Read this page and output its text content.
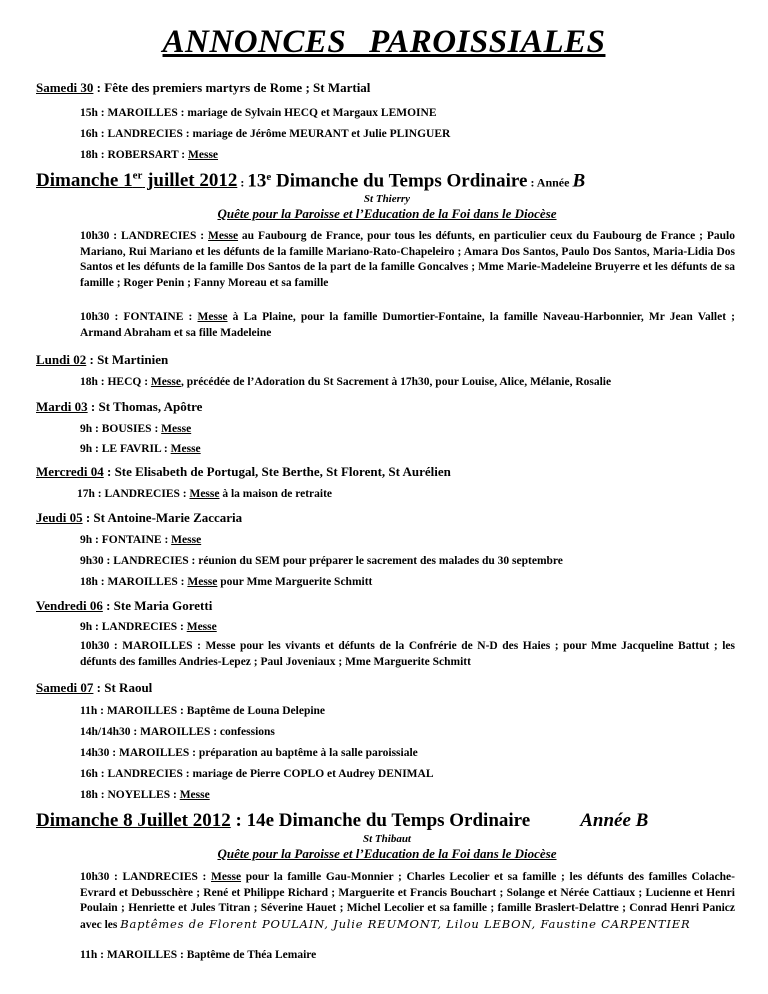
ANNONCES PAROISSIALES
Samedi 30 : Fête des premiers martyrs de Rome ; St Martial
15h : MAROILLES : mariage de Sylvain HECQ et Margaux LEMOINE
16h : LANDRECIES : mariage de Jérôme MEURANT et Julie PLINGUER
18h : ROBERSART : Messe
Dimanche 1er juillet 2012 : 13e Dimanche du Temps Ordinaire : Année B
St Thierry
Quête pour la Paroisse et l’Education de la Foi dans le Diocèse
10h30 : LANDRECIES : Messe au Faubourg de France, pour tous les défunts, en particulier ceux du Faubourg de France ; Paulo Mariano, Rui Mariano et les défunts de la famille Mariano-Rato-Chapeleiro ; Amara Dos Santos, Paulo Dos Santos, Maria-Lidia Dos Santos et les défunts de la famille Dos Santos de la part de la famille Goncalves ; Mme Marie-Madeleine Bruyerre et les défunts de sa famille ; Roger Penin ; Fanny Moreau et sa famille
10h30 : FONTAINE : Messe à La Plaine, pour la famille Dumortier-Fontaine, la famille Naveau-Harbonnier, Mr Jean Vallet ; Armand Abraham et sa fille Madeleine
Lundi 02 : St Martinien
18h : HECQ : Messe, précédée de l’Adoration du St Sacrement à 17h30, pour Louise, Alice, Mélanie, Rosalie
Mardi 03 : St Thomas, Apôtre
9h : BOUSIES : Messe
9h : LE FAVRIL : Messe
Mercredi 04 : Ste Elisabeth de Portugal, Ste Berthe, St Florent, St Aurélien
17h : LANDRECIES : Messe à la maison de retraite
Jeudi 05 : St Antoine-Marie Zaccaria
9h : FONTAINE : Messe
9h30 : LANDRECIES : réunion du SEM pour préparer le sacrement des malades du 30 septembre
18h : MAROILLES : Messe pour Mme Marguerite Schmitt
Vendredi 06 : Ste Maria Goretti
9h : LANDRECIES : Messe
10h30 : MAROILLES : Messe pour les vivants et défunts de la Confrérie de N-D des Haies ; pour Mme Jacqueline Battut ; les défunts des familles Andries-Lepez ; Paul Joveniaux ; Mme Marguerite Schmitt
Samedi 07 : St Raoul
11h : MAROILLES : Baptême de Louna Delepine
14h/14h30 : MAROILLES : confessions
14h30 : MAROILLES : préparation au baptême à la salle paroissiale
16h : LANDRECIES : mariage de Pierre COPLO et Audrey DENIMAL
18h : NOYELLES : Messe
Dimanche 8 Juillet 2012 : 14e Dimanche du Temps Ordinaire	Année B
St Thibaut
Quête pour la Paroisse et l’Education de la Foi dans le Diocèse
10h30 : LANDRECIES : Messe pour la famille Gau-Monnier ; Charles Lecolier et sa famille ; les défunts des familles Colache-Evrard et Debusschère ; René et Philippe Richard ; Marguerite et Francis Bouchart ; Solange et Nérée Cattiaux ; Lucienne et Henri Poulain ; Henriette et Jules Titran ; Séverine Hauet ; Michel Lecolier et sa famille ; famille Braslert-Delattre ; Conrad Henri Panicz avec les Baptêmes de Florent POULAIN, Julie REUMONT, Lilou LEBON, Faustine CARPENTIER
11h : MAROILLES : Baptême de Théa Lemaire
